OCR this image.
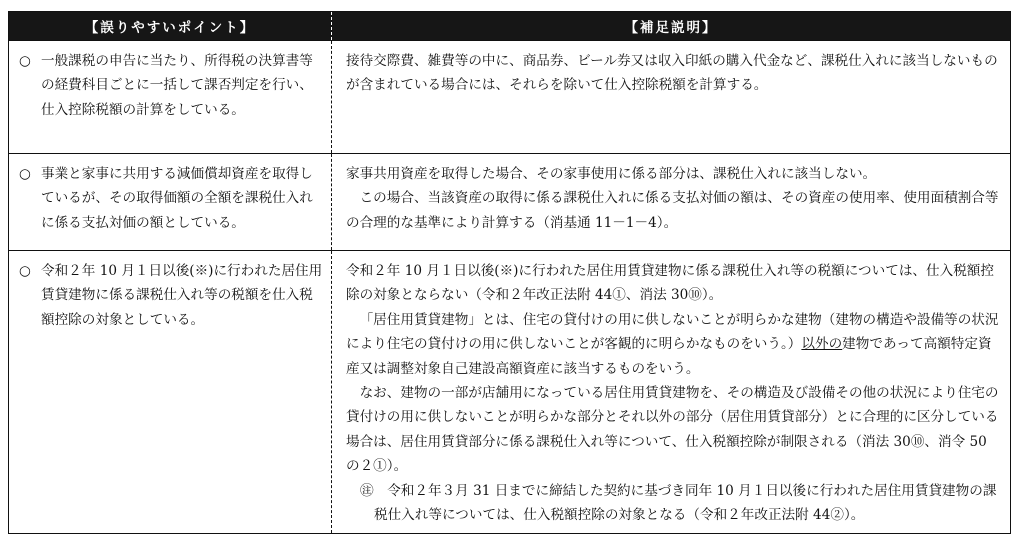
【誤りやすいポイント】	【補足説明】

○ 一般課税の申告に当たり、所得税の決算書等の経費科目ごとに一括して課否判定を行い、仕入控除税額の計算をしている。	接待交際費、雑費等の中に、商品券、ビール券又は収入印紙の購入代金など、課税仕入れに該当しないものが含まれている場合には、それらを除いて仕入控除税額を計算する。

○ 事業と家事に共用する減価償却資産を取得しているが、その取得価額の全額を課税仕入れに係る支払対価の額としている。	家事共用資産を取得した場合、その家事使用に係る部分は、課税仕入れに該当しない。
この場合、当該資産の取得に係る課税仕入れに係る支払対価の額は、その資産の使用率、使用面積割合等の合理的な基準により計算する（消基通 11－1－4）。

○ 令和２年 10 月１日以後(※)に行われた居住用賃貸建物に係る課税仕入れ等の税額を仕入税額控除の対象としている。	令和２年 10 月１日以後(※)に行われた居住用賃貸建物に係る課税仕入れ等の税額については、仕入税額控除の対象とならない（令和２年改正法附 44①、消法 30⑩）。
「居住用賃貸建物」とは、住宅の貸付けの用に供しないことが明らかな建物（建物の構造や設備等の状況により住宅の貸付けの用に供しないことが客観的に明らかなものをいう。）以外の建物であって高額特定資産又は調整対象自己建設高額資産に該当するものをいう。
なお、建物の一部が店舗用になっている居住用賃貸建物を、その構造及び設備その他の状況により住宅の貸付けの用に供しないことが明らかな部分とそれ以外の部分（居住用賃貸部分）とに合理的に区分している場合は、居住用賃貸部分に係る課税仕入れ等について、仕入税額控除が制限される（消法 30⑩、消令 50 の２①）。
㊟　 令和２年３月 31 日までに締結した契約に基づき同年 10 月１日以後に行われた居住用賃貸建物の課税仕入れ等については、仕入税額控除の対象となる（令和２年改正法附 44②）。
